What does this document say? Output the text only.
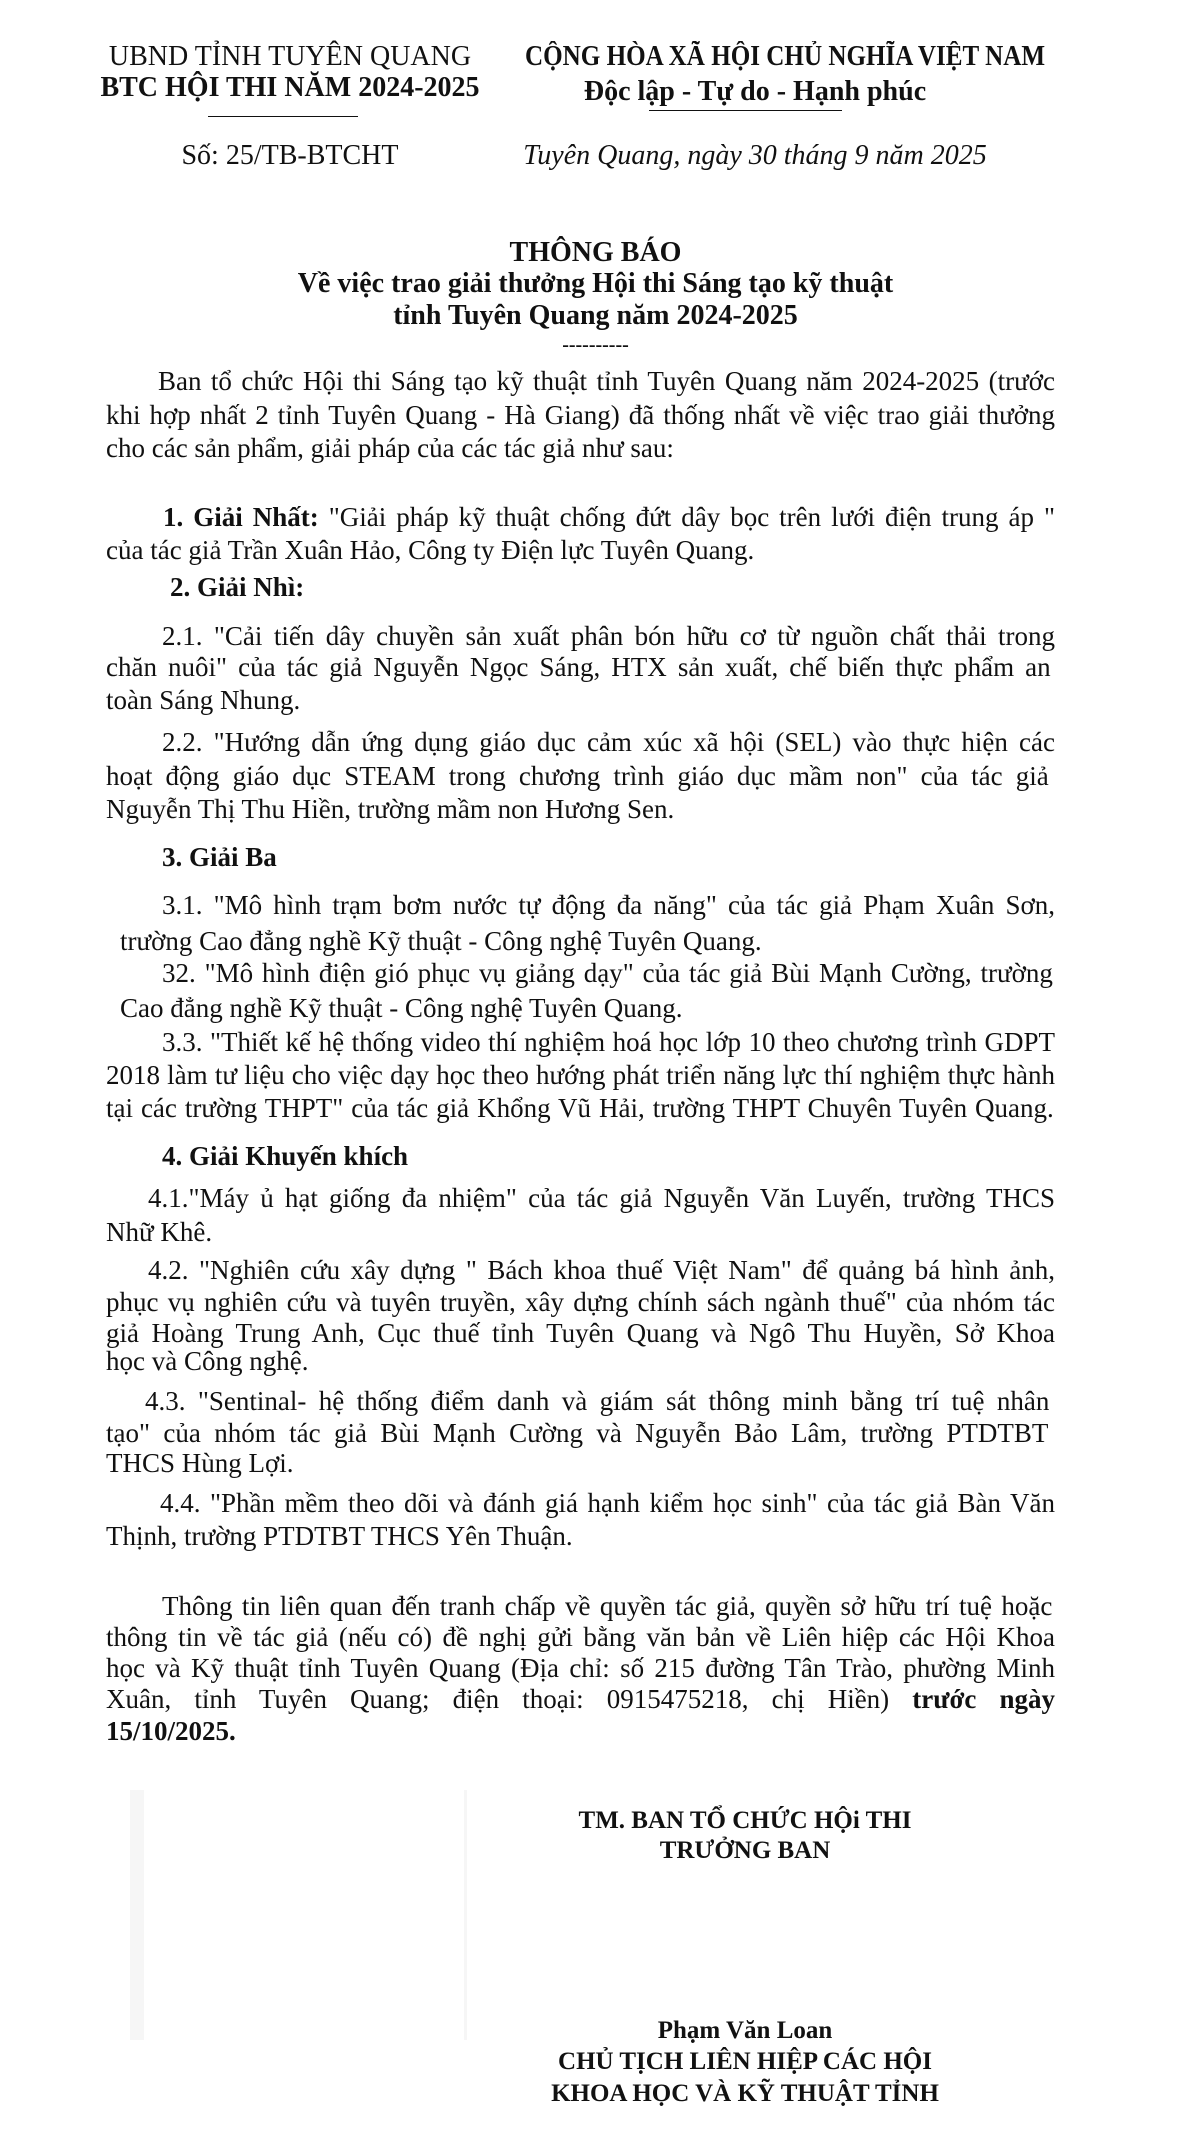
UBND TỈNH TUYÊN QUANG
BTC HỘI THI NĂM 2024-2025
CỘNG HÒA XÃ HỘI CHỦ NGHĨA VIỆT NAM
Độc lập - Tự do - Hạnh phúc
Số: 25/TB-BTCHT	Tuyên Quang, ngày 30 tháng 9 năm 2025
THÔNG BÁO
Về việc trao giải thưởng Hội thi Sáng tạo kỹ thuật
tỉnh Tuyên Quang năm 2024-2025
----------
Ban tổ chức Hội thi Sáng tạo kỹ thuật tỉnh Tuyên Quang năm 2024-2025 (trước
khi hợp nhất 2 tỉnh Tuyên Quang - Hà Giang) đã thống nhất về việc trao giải thưởng
cho các sản phẩm, giải pháp của các tác giả như sau:
1. Giải Nhất: "Giải pháp kỹ thuật chống đứt dây bọc trên lưới điện trung áp "
của tác giả Trần Xuân Hảo, Công ty Điện lực Tuyên Quang.
2. Giải Nhì:
2.1. "Cải tiến dây chuyền sản xuất phân bón hữu cơ từ nguồn chất thải trong
chăn nuôi" của tác giả Nguyễn Ngọc Sáng, HTX sản xuất, chế biến thực phẩm an
toàn Sáng Nhung.
2.2. "Hướng dẫn ứng dụng giáo dục cảm xúc xã hội (SEL) vào thực hiện các
hoạt động giáo dục STEAM trong chương trình giáo dục mầm non" của tác giả
Nguyễn Thị Thu Hiền, trường mầm non Hương Sen.
3. Giải Ba
3.1. "Mô hình trạm bơm nước tự động đa năng" của tác giả Phạm Xuân Sơn,
trường Cao đẳng nghề Kỹ thuật - Công nghệ Tuyên Quang.
32. "Mô hình điện gió phục vụ giảng dạy" của tác giả Bùi Mạnh Cường, trường
Cao đẳng nghề Kỹ thuật - Công nghệ Tuyên Quang.
3.3. "Thiết kế hệ thống video thí nghiệm hoá học lớp 10 theo chương trình GDPT
2018 làm tư liệu cho việc dạy học theo hướng phát triển năng lực thí nghiệm thực hành
tại các trường THPT" của tác giả Khổng Vũ Hải, trường THPT Chuyên Tuyên Quang.
4. Giải Khuyến khích
4.1."Máy ủ hạt giống đa nhiệm" của tác giả Nguyễn Văn Luyến, trường THCS
Nhữ Khê.
4.2. "Nghiên cứu xây dựng " Bách khoa thuế Việt Nam" để quảng bá hình ảnh,
phục vụ nghiên cứu và tuyên truyền, xây dựng chính sách ngành thuế" của nhóm tác
giả Hoàng Trung Anh, Cục thuế tỉnh Tuyên Quang và Ngô Thu Huyền, Sở Khoa
học và Công nghệ.
4.3. "Sentinal- hệ thống điểm danh và giám sát thông minh bằng trí tuệ nhân
tạo" của nhóm tác giả Bùi Mạnh Cường và Nguyễn Bảo Lâm, trường PTDTBT
THCS Hùng Lợi.
4.4. "Phần mềm theo dõi và đánh giá hạnh kiểm học sinh" của tác giả Bàn Văn
Thịnh, trường PTDTBT THCS Yên Thuận.
Thông tin liên quan đến tranh chấp về quyền tác giả, quyền sở hữu trí tuệ hoặc
thông tin về tác giả (nếu có) đề nghị gửi bằng văn bản về Liên hiệp các Hội Khoa
học và Kỹ thuật tỉnh Tuyên Quang (Địa chỉ: số 215 đường Tân Trào, phường Minh
Xuân, tỉnh Tuyên Quang; điện thoại: 0915475218, chị Hiền) trước ngày
15/10/2025.
TM. BAN TỔ CHỨC HỘi THI
TRƯỞNG BAN
Phạm Văn Loan
CHỦ TỊCH LIÊN HIỆP CÁC HỘI
KHOA HỌC VÀ KỸ THUẬT TỈNH
